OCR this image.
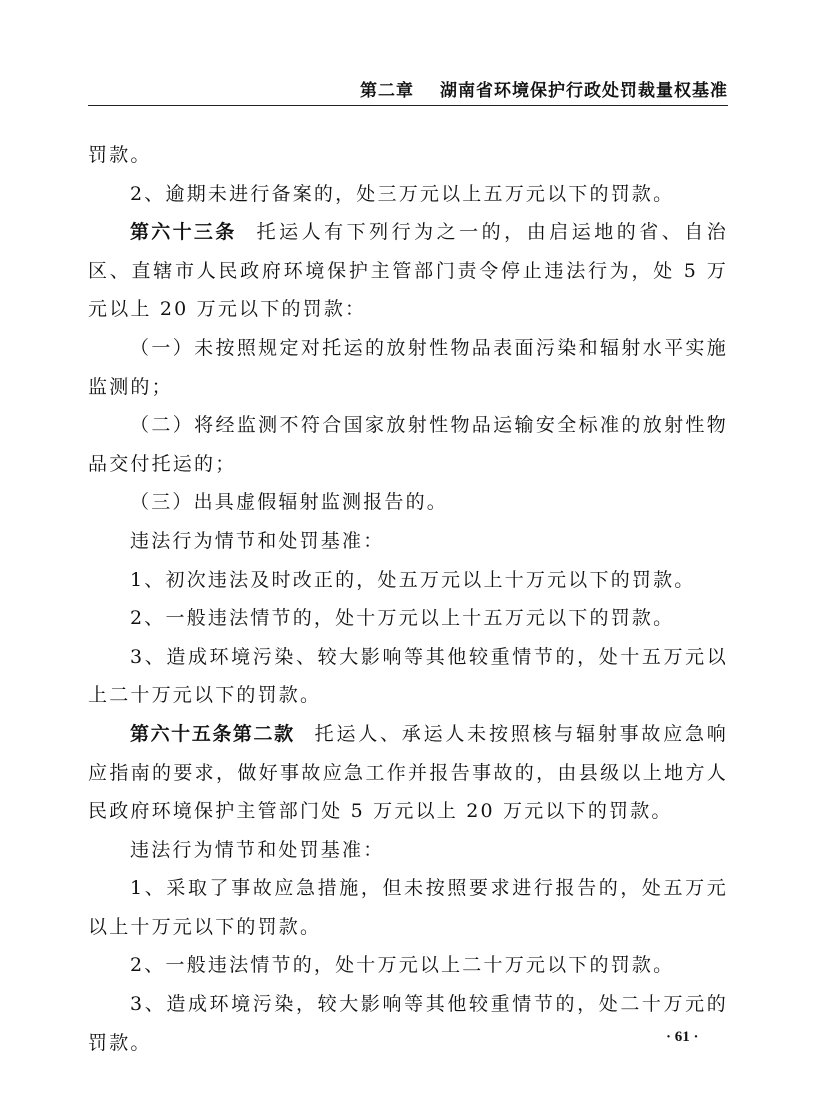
第二章 湖南省环境保护行政处罚裁量权基准

罚款。

2、逾期未进行备案的，处三万元以上五万元以下的罚款。

第六十三条 托运人有下列行为之一的，由启运地的省、自治区、直辖市人民政府环境保护主管部门责令停止违法行为，处 5 万元以上 20 万元以下的罚款：

（一）未按照规定对托运的放射性物品表面污染和辐射水平实施监测的；

（二）将经监测不符合国家放射性物品运输安全标准的放射性物品交付托运的；

（三）出具虚假辐射监测报告的。

违法行为情节和处罚基准：

1、初次违法及时改正的，处五万元以上十万元以下的罚款。

2、一般违法情节的，处十万元以上十五万元以下的罚款。

3、造成环境污染、较大影响等其他较重情节的，处十五万元以上二十万元以下的罚款。

第六十五条第二款 托运人、承运人未按照核与辐射事故应急响应指南的要求，做好事故应急工作并报告事故的，由县级以上地方人民政府环境保护主管部门处 5 万元以上 20 万元以下的罚款。

违法行为情节和处罚基准：

1、采取了事故应急措施，但未按照要求进行报告的，处五万元以上十万元以下的罚款。

2、一般违法情节的，处十万元以上二十万元以下的罚款。

3、造成环境污染，较大影响等其他较重情节的，处二十万元的罚款。	· 61 ·
